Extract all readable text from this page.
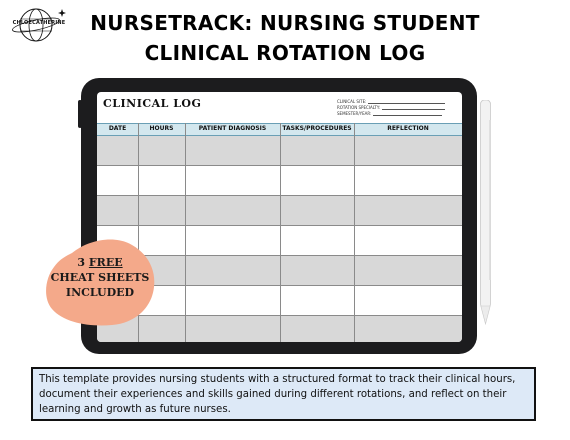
CHLOECATHERINE	NURSETRACK: NURSING STUDENT
CLINICAL ROTATION LOG
CLINICAL LOG	CLINICAL SITE:
ROTATION SPECIALTY:
SEMESTER/YEAR:
DATE	HOURS	PATIENT DIAGNOSIS	TASKS/PROCEDURES	REFLECTION
3 FREE
CHEAT SHEETS
INCLUDED
This template provides nursing students with a structured format to track their clinical hours, document their experiences and skills gained during different rotations, and reflect on their learning and growth as future nurses.
